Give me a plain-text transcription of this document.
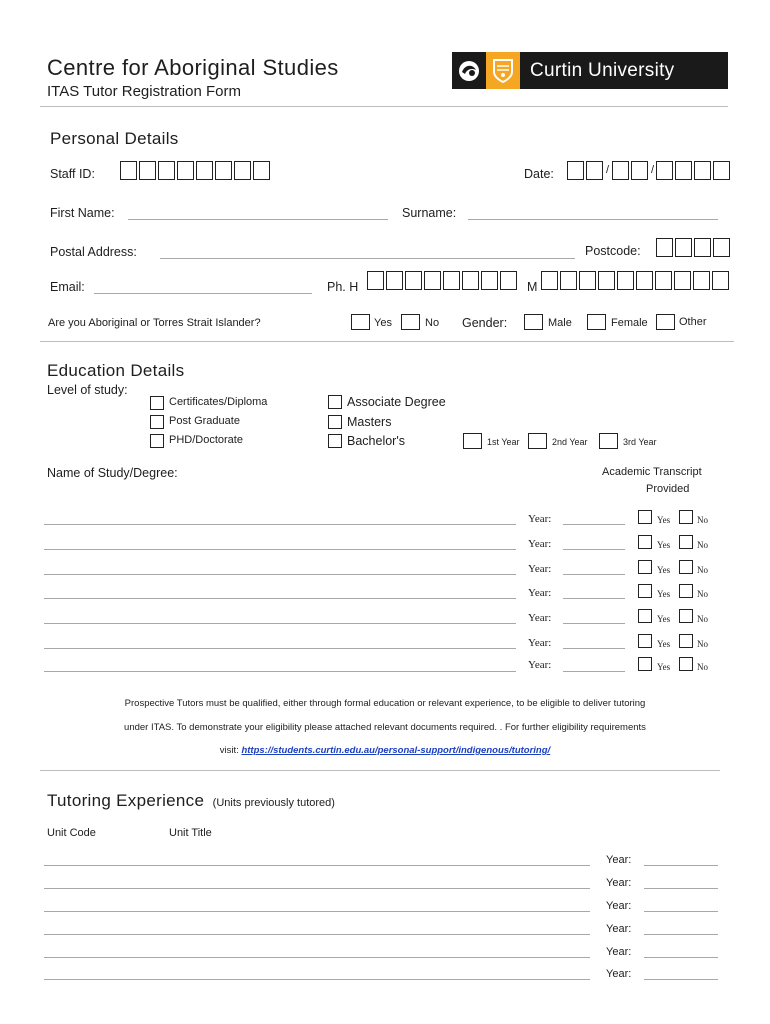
Centre for Aboriginal Studies
ITAS Tutor Registration Form
Curtin University
Personal Details
Staff ID:	Date:	/	/
First Name:	Surname:
Postal Address:	Postcode:
Email:	Ph. H	M
Are you Aboriginal or Torres Strait Islander?	Yes	No Gender:	Male	Female	Other
Education Details
Level of study:
Certificates/Diploma
Post Graduate
PHD/Doctorate
Associate Degree
Masters
Bachelor's	1st Year	2nd Year	3rd Year
Name of Study/Degree:	Academic Transcript
Provided
Year:	Yes	No
Year:	Yes	No
Year:	Yes	No
Year:	Yes	No
Year:	Yes	No
Year:	Yes	No
Year:	Yes	No
Prospective Tutors must be qualified, either through formal education or relevant experience, to be eligible to deliver tutoring
under ITAS. To demonstrate your eligibility please attached relevant documents required. . For further eligibility requirements
visit: https://students.curtin.edu.au/personal-support/indigenous/tutoring/
Tutoring Experience (Units previously tutored)
Unit Code	Unit Title
Year:
Year:
Year:
Year:
Year:
Year:
